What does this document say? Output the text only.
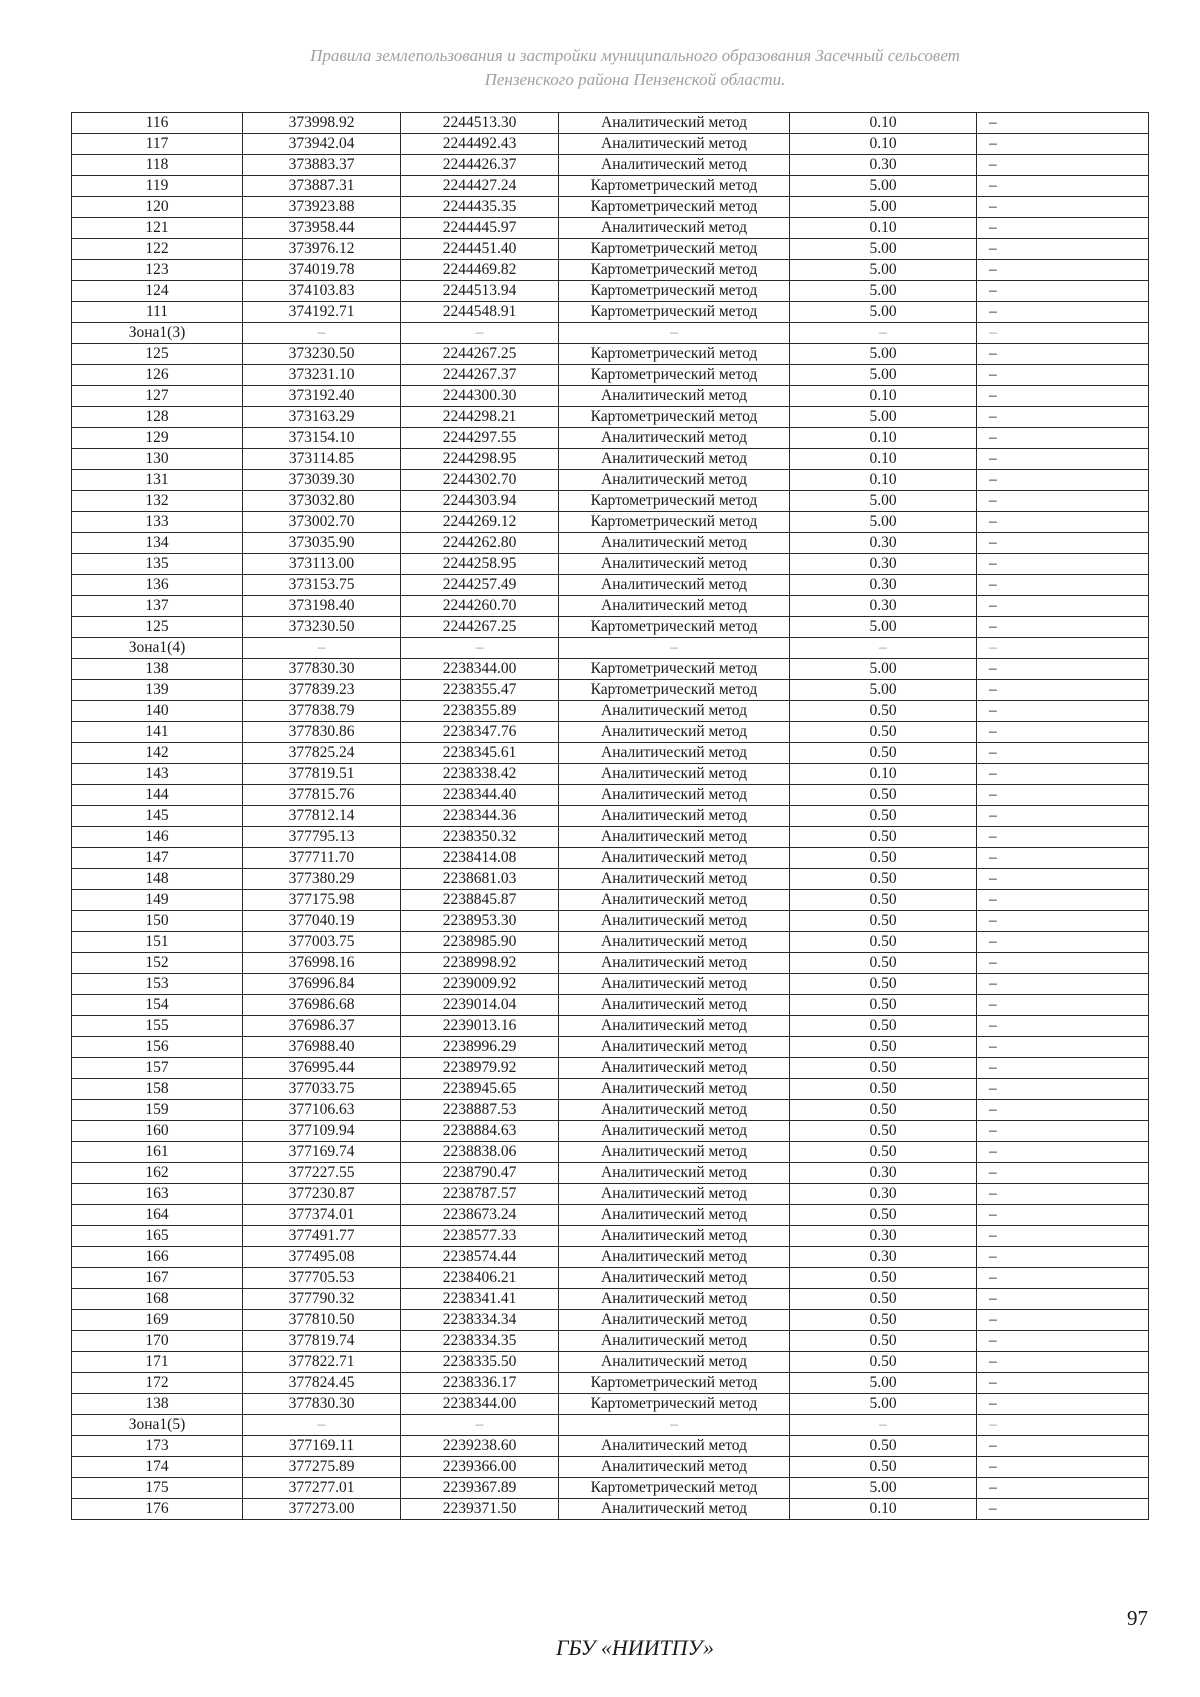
Правила землепользования и застройки муниципального образования Засечный сельсовет
Пензенского района Пензенской области.
116	373998.92	2244513.30	Аналитический метод	0.10	–
117	373942.04	2244492.43	Аналитический метод	0.10	–
118	373883.37	2244426.37	Аналитический метод	0.30	–
119	373887.31	2244427.24	Картометрический метод	5.00	–
120	373923.88	2244435.35	Картометрический метод	5.00	–
121	373958.44	2244445.97	Аналитический метод	0.10	–
122	373976.12	2244451.40	Картометрический метод	5.00	–
123	374019.78	2244469.82	Картометрический метод	5.00	–
124	374103.83	2244513.94	Картометрический метод	5.00	–
111	374192.71	2244548.91	Картометрический метод	5.00	–
Зона1(3)	–	–	–	–	–
125	373230.50	2244267.25	Картометрический метод	5.00	–
126	373231.10	2244267.37	Картометрический метод	5.00	–
127	373192.40	2244300.30	Аналитический метод	0.10	–
128	373163.29	2244298.21	Картометрический метод	5.00	–
129	373154.10	2244297.55	Аналитический метод	0.10	–
130	373114.85	2244298.95	Аналитический метод	0.10	–
131	373039.30	2244302.70	Аналитический метод	0.10	–
132	373032.80	2244303.94	Картометрический метод	5.00	–
133	373002.70	2244269.12	Картометрический метод	5.00	–
134	373035.90	2244262.80	Аналитический метод	0.30	–
135	373113.00	2244258.95	Аналитический метод	0.30	–
136	373153.75	2244257.49	Аналитический метод	0.30	–
137	373198.40	2244260.70	Аналитический метод	0.30	–
125	373230.50	2244267.25	Картометрический метод	5.00	–
Зона1(4)	–	–	–	–	–
138	377830.30	2238344.00	Картометрический метод	5.00	–
139	377839.23	2238355.47	Картометрический метод	5.00	–
140	377838.79	2238355.89	Аналитический метод	0.50	–
141	377830.86	2238347.76	Аналитический метод	0.50	–
142	377825.24	2238345.61	Аналитический метод	0.50	–
143	377819.51	2238338.42	Аналитический метод	0.10	–
144	377815.76	2238344.40	Аналитический метод	0.50	–
145	377812.14	2238344.36	Аналитический метод	0.50	–
146	377795.13	2238350.32	Аналитический метод	0.50	–
147	377711.70	2238414.08	Аналитический метод	0.50	–
148	377380.29	2238681.03	Аналитический метод	0.50	–
149	377175.98	2238845.87	Аналитический метод	0.50	–
150	377040.19	2238953.30	Аналитический метод	0.50	–
151	377003.75	2238985.90	Аналитический метод	0.50	–
152	376998.16	2238998.92	Аналитический метод	0.50	–
153	376996.84	2239009.92	Аналитический метод	0.50	–
154	376986.68	2239014.04	Аналитический метод	0.50	–
155	376986.37	2239013.16	Аналитический метод	0.50	–
156	376988.40	2238996.29	Аналитический метод	0.50	–
157	376995.44	2238979.92	Аналитический метод	0.50	–
158	377033.75	2238945.65	Аналитический метод	0.50	–
159	377106.63	2238887.53	Аналитический метод	0.50	–
160	377109.94	2238884.63	Аналитический метод	0.50	–
161	377169.74	2238838.06	Аналитический метод	0.50	–
162	377227.55	2238790.47	Аналитический метод	0.30	–
163	377230.87	2238787.57	Аналитический метод	0.30	–
164	377374.01	2238673.24	Аналитический метод	0.50	–
165	377491.77	2238577.33	Аналитический метод	0.30	–
166	377495.08	2238574.44	Аналитический метод	0.30	–
167	377705.53	2238406.21	Аналитический метод	0.50	–
168	377790.32	2238341.41	Аналитический метод	0.50	–
169	377810.50	2238334.34	Аналитический метод	0.50	–
170	377819.74	2238334.35	Аналитический метод	0.50	–
171	377822.71	2238335.50	Аналитический метод	0.50	–
172	377824.45	2238336.17	Картометрический метод	5.00	–
138	377830.30	2238344.00	Картометрический метод	5.00	–
Зона1(5)	–	–	–	–	–
173	377169.11	2239238.60	Аналитический метод	0.50	–
174	377275.89	2239366.00	Аналитический метод	0.50	–
175	377277.01	2239367.89	Картометрический метод	5.00	–
176	377273.00	2239371.50	Аналитический метод	0.10	–
97
ГБУ «НИИТПУ»
